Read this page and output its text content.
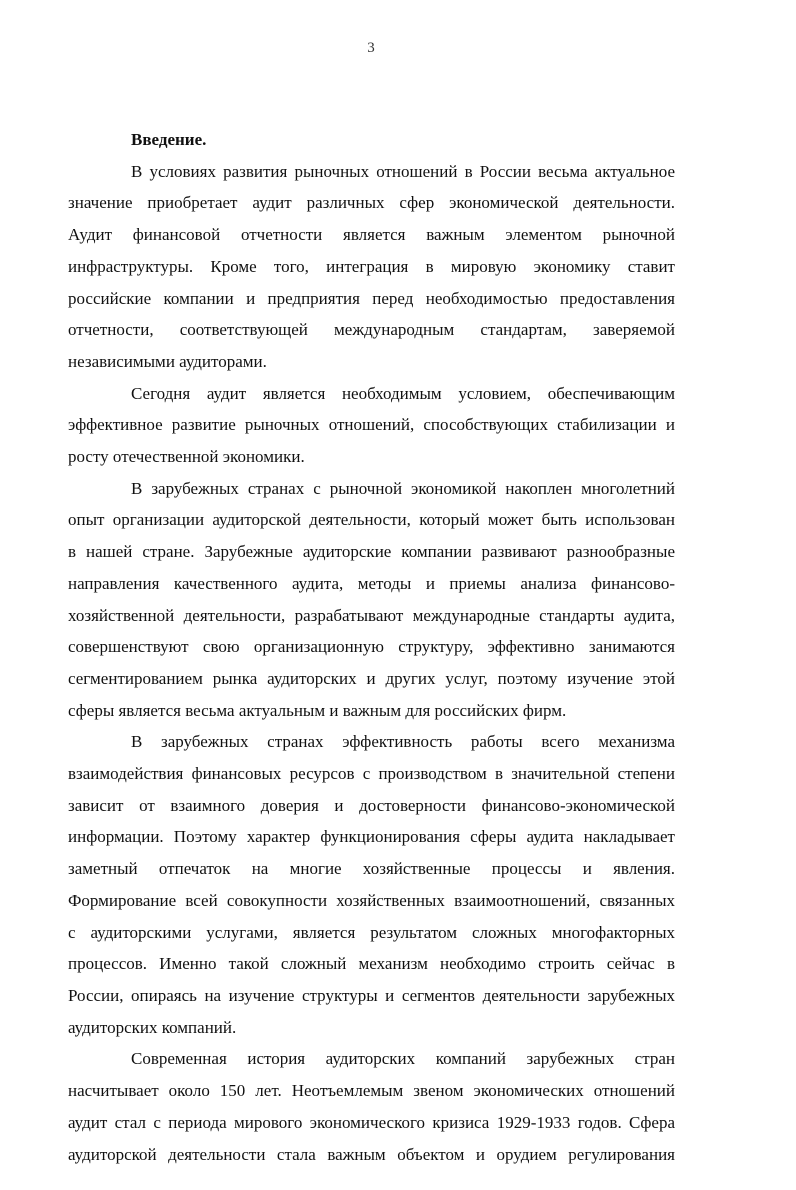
3
Введение.
В условиях развития рыночных отношений в России весьма актуальное
значение приобретает аудит различных сфер экономической деятельности.
Аудит финансовой отчетности является важным элементом рыночной
инфраструктуры. Кроме того, интеграция в мировую экономику ставит
российские компании и предприятия перед необходимостью предоставления
отчетности, соответствующей международным стандартам, заверяемой
независимыми аудиторами.
Сегодня аудит является необходимым условием, обеспечивающим
эффективное развитие рыночных отношений, способствующих стабилизации и
росту отечественной экономики.
В зарубежных странах с рыночной экономикой накоплен многолетний
опыт организации аудиторской деятельности, который может быть использован
в нашей стране. Зарубежные аудиторские компании развивают разнообразные
направления качественного аудита, методы и приемы анализа финансово-
хозяйственной деятельности, разрабатывают международные стандарты аудита,
совершенствуют свою организационную структуру, эффективно занимаются
сегментированием рынка аудиторских и других услуг, поэтому изучение этой
сферы является весьма актуальным и важным для российских фирм.
В зарубежных странах эффективность работы всего механизма
взаимодействия финансовых ресурсов с производством в значительной степени
зависит от взаимного доверия и достоверности финансово-экономической
информации. Поэтому характер функционирования сферы аудита накладывает
заметный отпечаток на многие хозяйственные процессы и явления.
Формирование всей совокупности хозяйственных взаимоотношений, связанных
с аудиторскими услугами, является результатом сложных многофакторных
процессов. Именно такой сложный механизм необходимо строить сейчас в
России, опираясь на изучение структуры и сегментов деятельности зарубежных
аудиторских компаний.
Современная история аудиторских компаний зарубежных стран
насчитывает около 150 лет. Неотъемлемым звеном экономических отношений
аудит стал с периода мирового экономического кризиса 1929-1933 годов. Сфера
аудиторской деятельности стала важным объектом и орудием регулирования
